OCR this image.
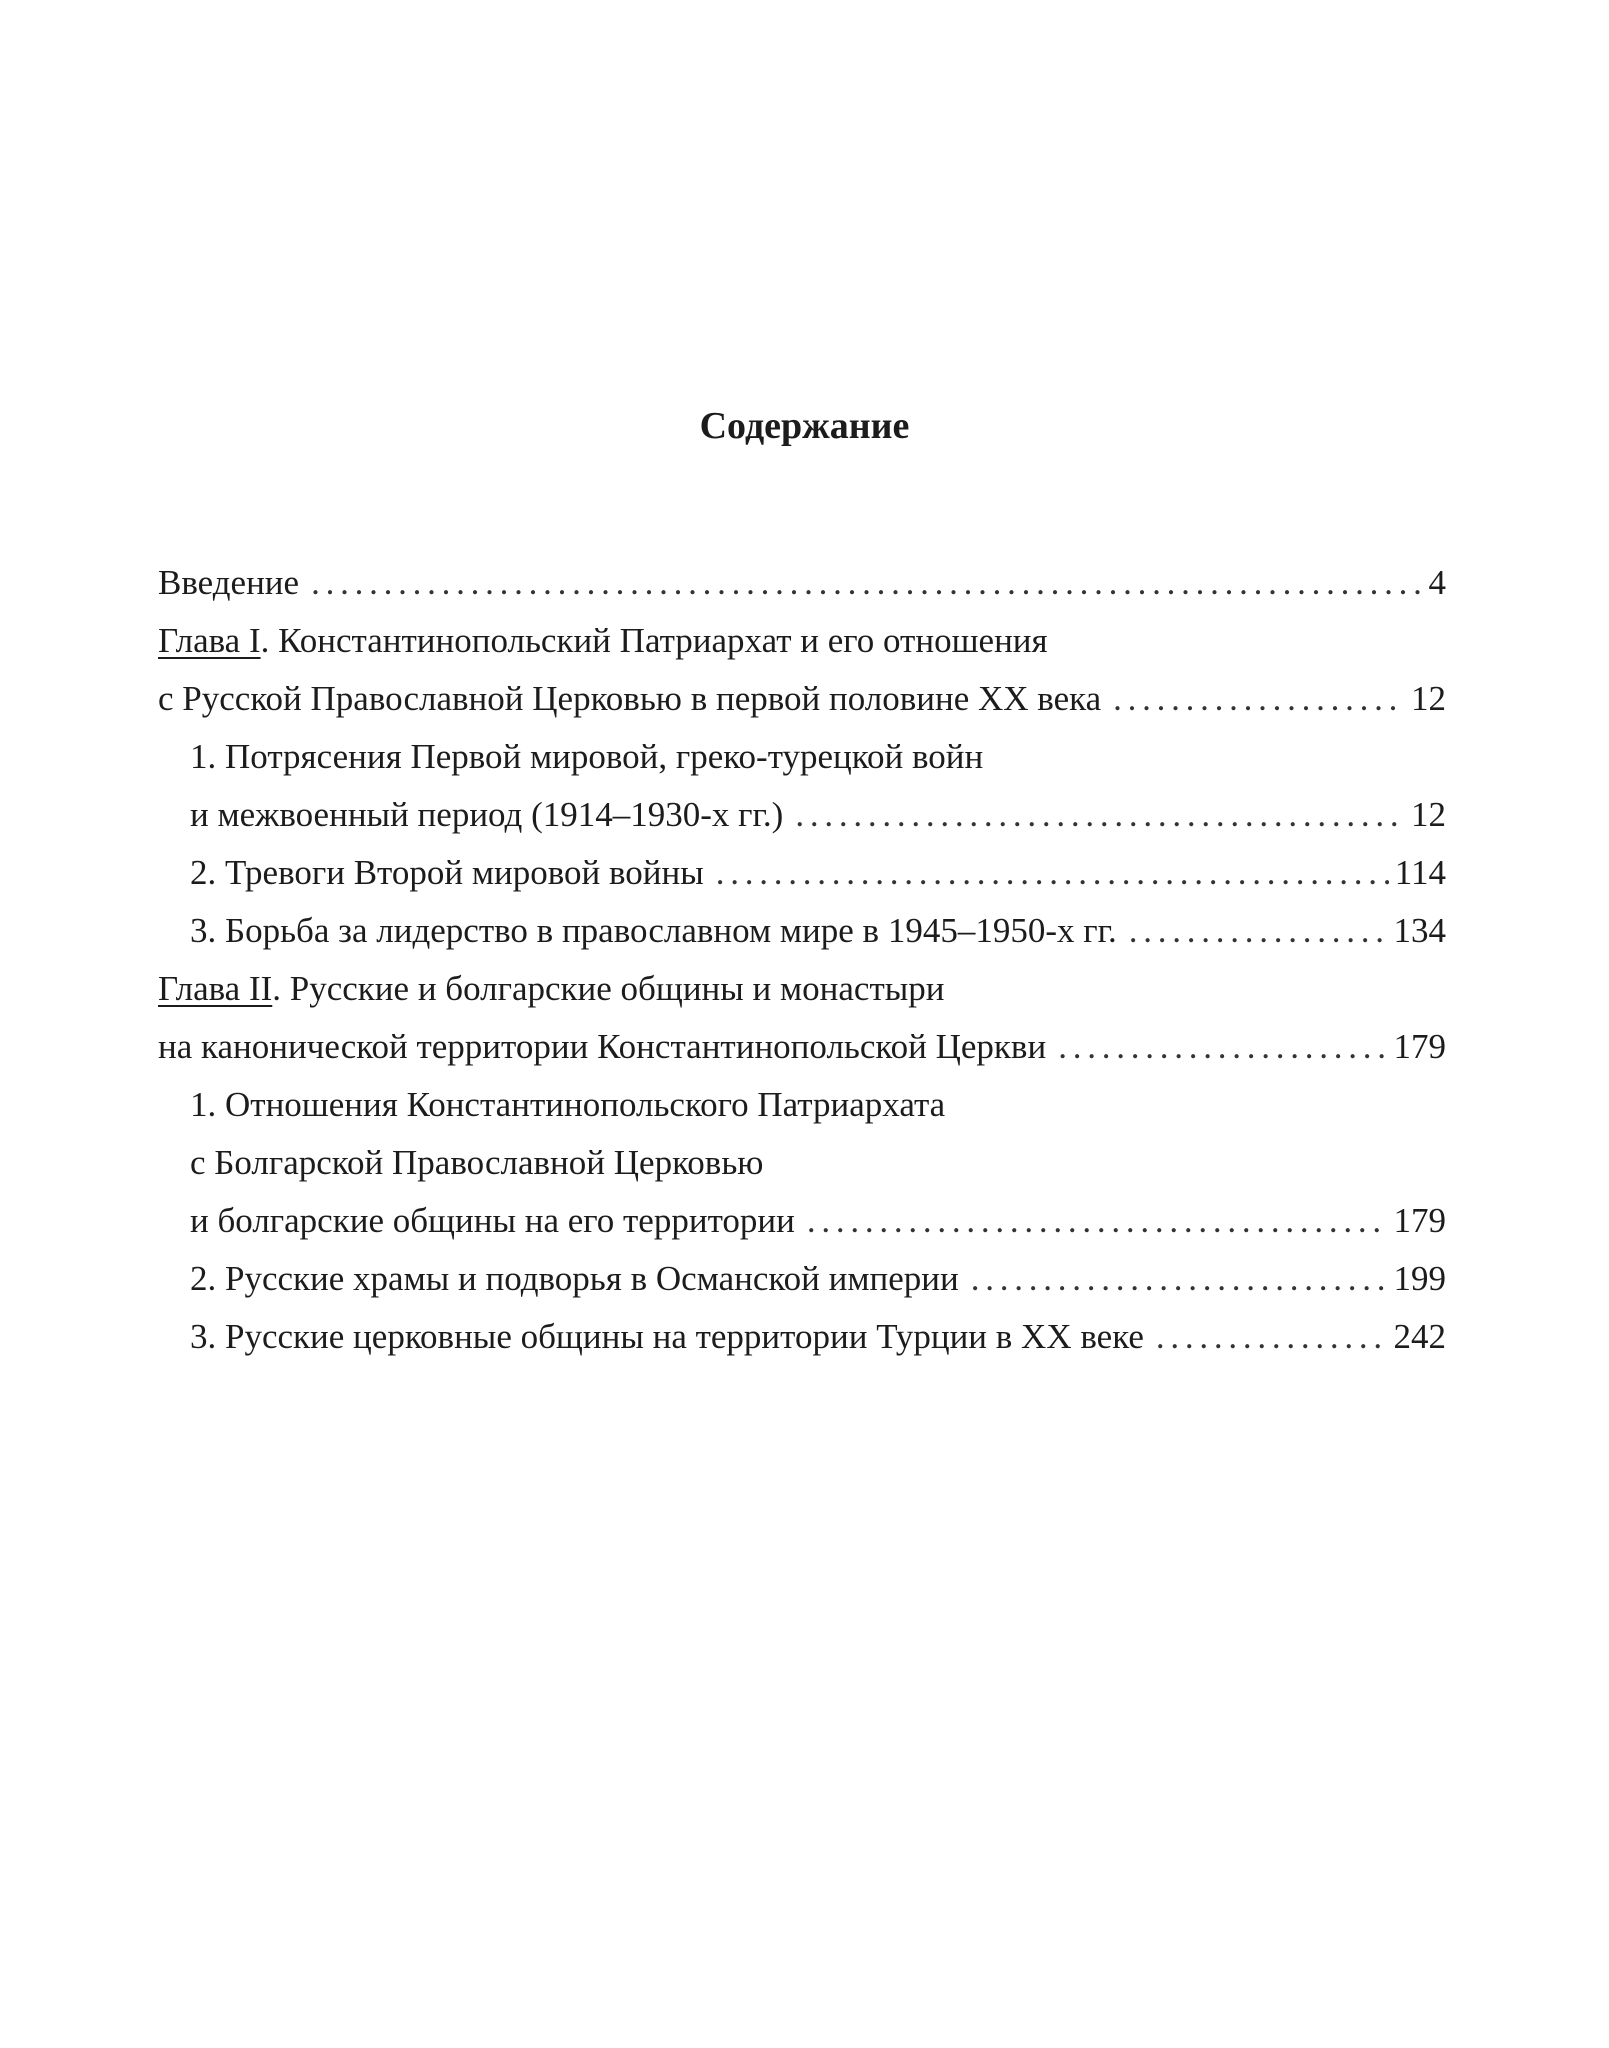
Содержание
Введение . . .	4
Глава I. Константинопольский Патриархат и его отношения
с Русской Православной Церковью в первой половине XX века . . .	12
1. Потрясения Первой мировой, греко-турецкой войн
и межвоенный период (1914–1930-х гг.) . . .	12
2. Тревоги Второй мировой войны . . .	114
3. Борьба за лидерство в православном мире в 1945–1950-х гг. . . .	134
Глава II. Русские и болгарские общины и монастыри
на канонической территории Константинопольской Церкви . . .	179
1. Отношения Константинопольского Патриархата
с Болгарской Православной Церковью
и болгарские общины на его территории . . .	179
2. Русские храмы и подворья в Османской империи . . .	199
3. Русские церковные общины на территории Турции в XX веке . . .	242
